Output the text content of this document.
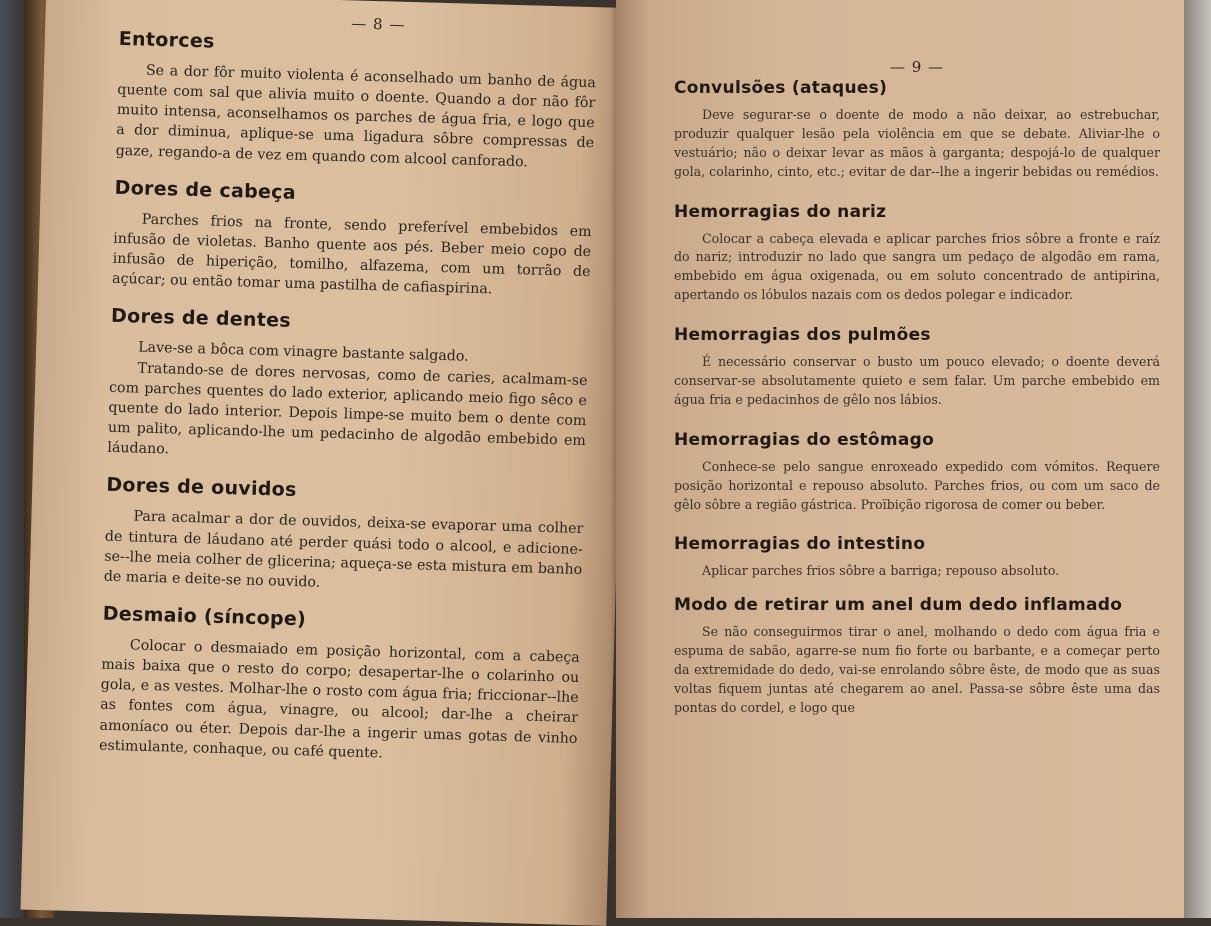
— 8 —
Entorces

Se a dor fôr muito violenta é aconselhado um banho de água quente com sal que alivia muito o doente. Quando a dor não fôr muito intensa, aconselhamos os parches de água fria, e logo que a dor diminua, aplique-se uma ligadura sôbre compressas de gaze, regando-a de vez em quando com alcool canforado.

Dores de cabeça

Parches frios na fronte, sendo preferível embebidos em infusão de violetas. Banho quente aos pés. Beber meio copo de infusão de hiperição, tomilho, alfazema, com um torrão de açúcar; ou então tomar uma pastilha de cafiaspirina.

Dores de dentes

Lave-se a bôca com vinagre bastante salgado.

Tratando-se de dores nervosas, como de caries, acalmam-se com parches quentes do lado exterior, aplicando meio figo sêco e quente do lado interior. Depois limpe-se muito bem o dente com um palito, aplicando-lhe um pedacinho de algodão embebido em láudano.

Dores de ouvidos

Para acalmar a dor de ouvidos, deixa-se evaporar uma colher de tintura de láudano até perder quási todo o alcool, e adicione-se--lhe meia colher de glicerina; aqueça-se esta mistura em banho de maria e deite-se no ouvido.

Desmaio (síncope)

Colocar o desmaiado em posição horizontal, com a cabeça mais baixa que o resto do corpo; desapertar-lhe o colarinho ou gola, e as vestes. Molhar-lhe o rosto com água fria; friccionar--lhe as fontes com água, vinagre, ou alcool; dar-lhe a cheirar amoníaco ou éter. Depois dar-lhe a ingerir umas gotas de vinho estimulante, conhaque, ou café quente.

— 9 —
Convulsões (ataques)

Deve segurar-se o doente de modo a não deixar, ao estrebuchar, produzir qualquer lesão pela violência em que se debate. Aliviar-lhe o vestuário; não o deixar levar as mãos à garganta; despojá-lo de qualquer gola, colarinho, cinto, etc.; evitar de dar--lhe a ingerir bebidas ou remédios.

Hemorragias do nariz

Colocar a cabeça elevada e aplicar parches frios sôbre a fronte e raíz do nariz; introduzir no lado que sangra um pedaço de algodão em rama, embebido em água oxigenada, ou em soluto concentrado de antipirina, apertando os lóbulos nazais com os dedos polegar e indicador.

Hemorragias dos pulmões

É necessário conservar o busto um pouco elevado; o doente deverá conservar-se absolutamente quieto e sem falar. Um parche embebido em água fria e pedacinhos de gêlo nos lábios.

Hemorragias do estômago

Conhece-se pelo sangue enroxeado expedido com vómitos. Requere posição horizontal e repouso absoluto. Parches frios, ou com um saco de gêlo sôbre a região gástrica. Proïbição rigorosa de comer ou beber.

Hemorragias do intestino

Aplicar parches frios sôbre a barriga; repouso absoluto.

Modo de retirar um anel dum dedo inflamado

Se não conseguirmos tirar o anel, molhando o dedo com água fria e espuma de sabão, agarre-se num fio forte ou barbante, e a começar perto da extremidade do dedo, vai-se enrolando sôbre êste, de modo que as suas voltas fiquem juntas até chegarem ao anel. Passa-se sôbre êste uma das pontas do cordel, e logo que
